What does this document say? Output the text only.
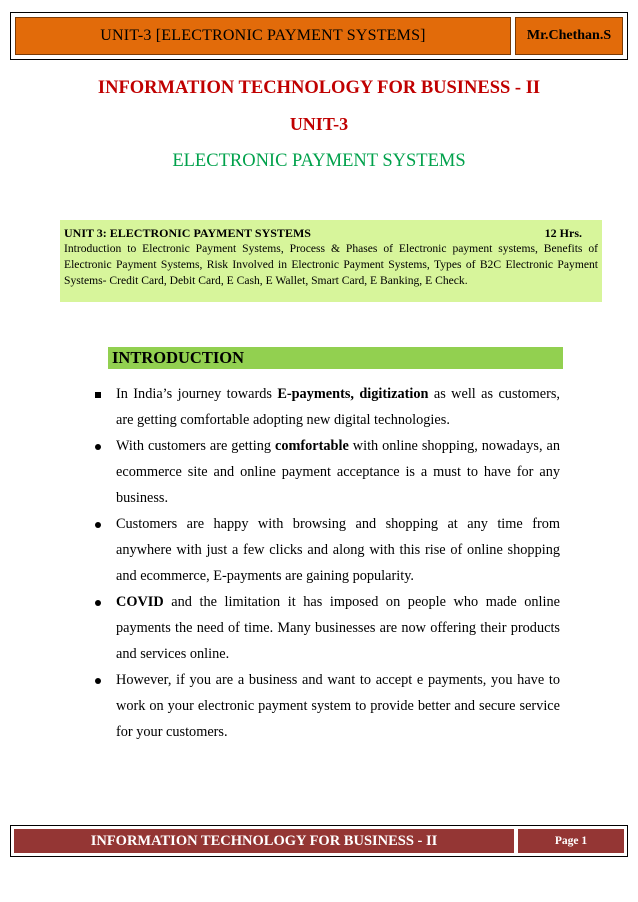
UNIT-3 [ELECTRONIC PAYMENT SYSTEMS]	Mr.Chethan.S
INFORMATION TECHNOLOGY FOR BUSINESS - II
UNIT-3
ELECTRONIC PAYMENT SYSTEMS
UNIT 3: ELECTRONIC PAYMENT SYSTEMS	12 Hrs.
Introduction to Electronic Payment Systems, Process & Phases of Electronic payment systems, Benefits of Electronic Payment Systems, Risk Involved in Electronic Payment Systems, Types of B2C Electronic Payment Systems- Credit Card, Debit Card, E Cash, E Wallet, Smart Card, E Banking, E Check.
INTRODUCTION
In India’s journey towards E-payments, digitization as well as customers, are getting comfortable adopting new digital technologies.
With customers are getting comfortable with online shopping, nowadays, an ecommerce site and online payment acceptance is a must to have for any business.
Customers are happy with browsing and shopping at any time from anywhere with just a few clicks and along with this rise of online shopping and ecommerce, E-payments are gaining popularity.
COVID and the limitation it has imposed on people who made online payments the need of time. Many businesses are now offering their products and services online.
However, if you are a business and want to accept e payments, you have to work on your electronic payment system to provide better and secure service for your customers.
INFORMATION TECHNOLOGY FOR BUSINESS - II	Page 1
